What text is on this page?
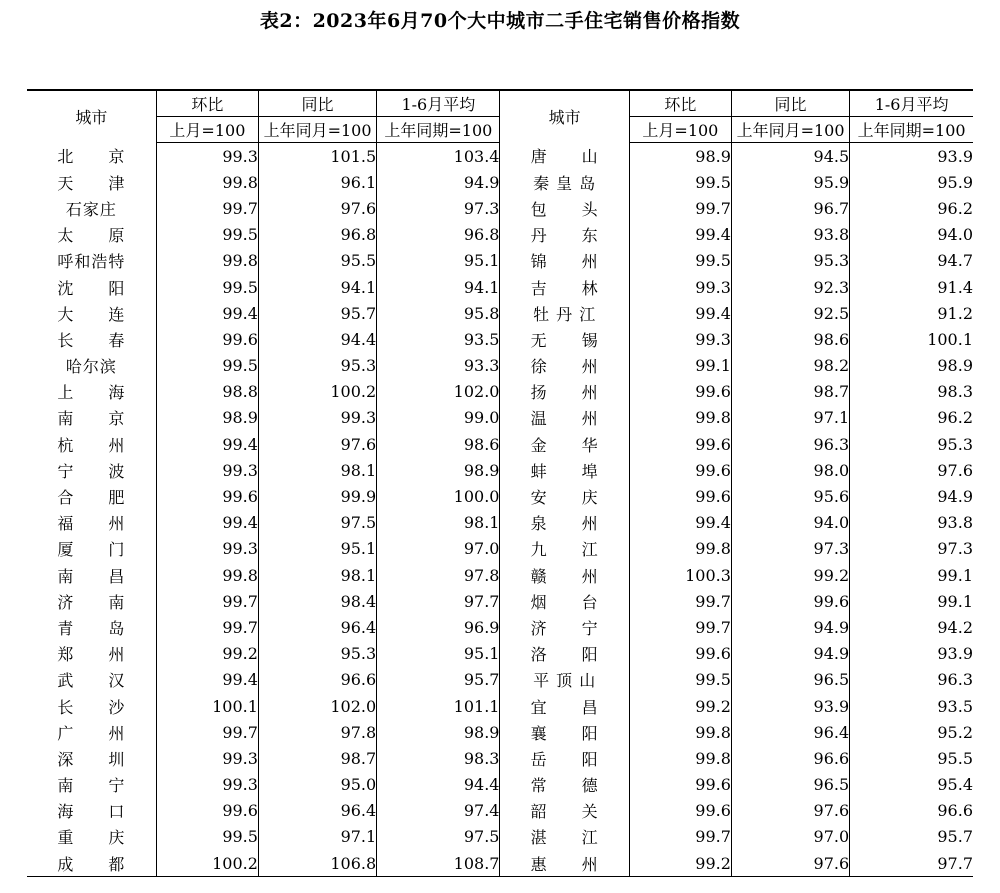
表2：2023年6月70个大中城市二手住宅销售价格指数
城市	环比	同比	1-6月平均	城市	环比	同比	1-6月平均
	上月=100	上年同月=100	上年同期=100		上月=100	上年同月=100	上年同期=100
北　　京	99.3	101.5	103.4	唐　　山	98.9	94.5	93.9
天　　津	99.8	96.1	94.9	秦 皇 岛	99.5	95.9	95.9
石家庄	99.7	97.6	97.3	包　　头	99.7	96.7	96.2
太　　原	99.5	96.8	96.8	丹　　东	99.4	93.8	94.0
呼和浩特	99.8	95.5	95.1	锦　　州	99.5	95.3	94.7
沈　　阳	99.5	94.1	94.1	吉　　林	99.3	92.3	91.4
大　　连	99.4	95.7	95.8	牡 丹 江	99.4	92.5	91.2
长　　春	99.6	94.4	93.5	无　　锡	99.3	98.6	100.1
哈尔滨	99.5	95.3	93.3	徐　　州	99.1	98.2	98.9
上　　海	98.8	100.2	102.0	扬　　州	99.6	98.7	98.3
南　　京	98.9	99.3	99.0	温　　州	99.8	97.1	96.2
杭　　州	99.4	97.6	98.6	金　　华	99.6	96.3	95.3
宁　　波	99.3	98.1	98.9	蚌　　埠	99.6	98.0	97.6
合　　肥	99.6	99.9	100.0	安　　庆	99.6	95.6	94.9
福　　州	99.4	97.5	98.1	泉　　州	99.4	94.0	93.8
厦　　门	99.3	95.1	97.0	九　　江	99.8	97.3	97.3
南　　昌	99.8	98.1	97.8	赣　　州	100.3	99.2	99.1
济　　南	99.7	98.4	97.7	烟　　台	99.7	99.6	99.1
青　　岛	99.7	96.4	96.9	济　　宁	99.7	94.9	94.2
郑　　州	99.2	95.3	95.1	洛　　阳	99.6	94.9	93.9
武　　汉	99.4	96.6	95.7	平 顶 山	99.5	96.5	96.3
长　　沙	100.1	102.0	101.1	宜　　昌	99.2	93.9	93.5
广　　州	99.7	97.8	98.9	襄　　阳	99.8	96.4	95.2
深　　圳	99.3	98.7	98.3	岳　　阳	99.8	96.6	95.5
南　　宁	99.3	95.0	94.4	常　　德	99.6	96.5	95.4
海　　口	99.6	96.4	97.4	韶　　关	99.6	97.6	96.6
重　　庆	99.5	97.1	97.5	湛　　江	99.7	97.0	95.7
成　　都	100.2	106.8	108.7	惠　　州	99.2	97.6	97.7
